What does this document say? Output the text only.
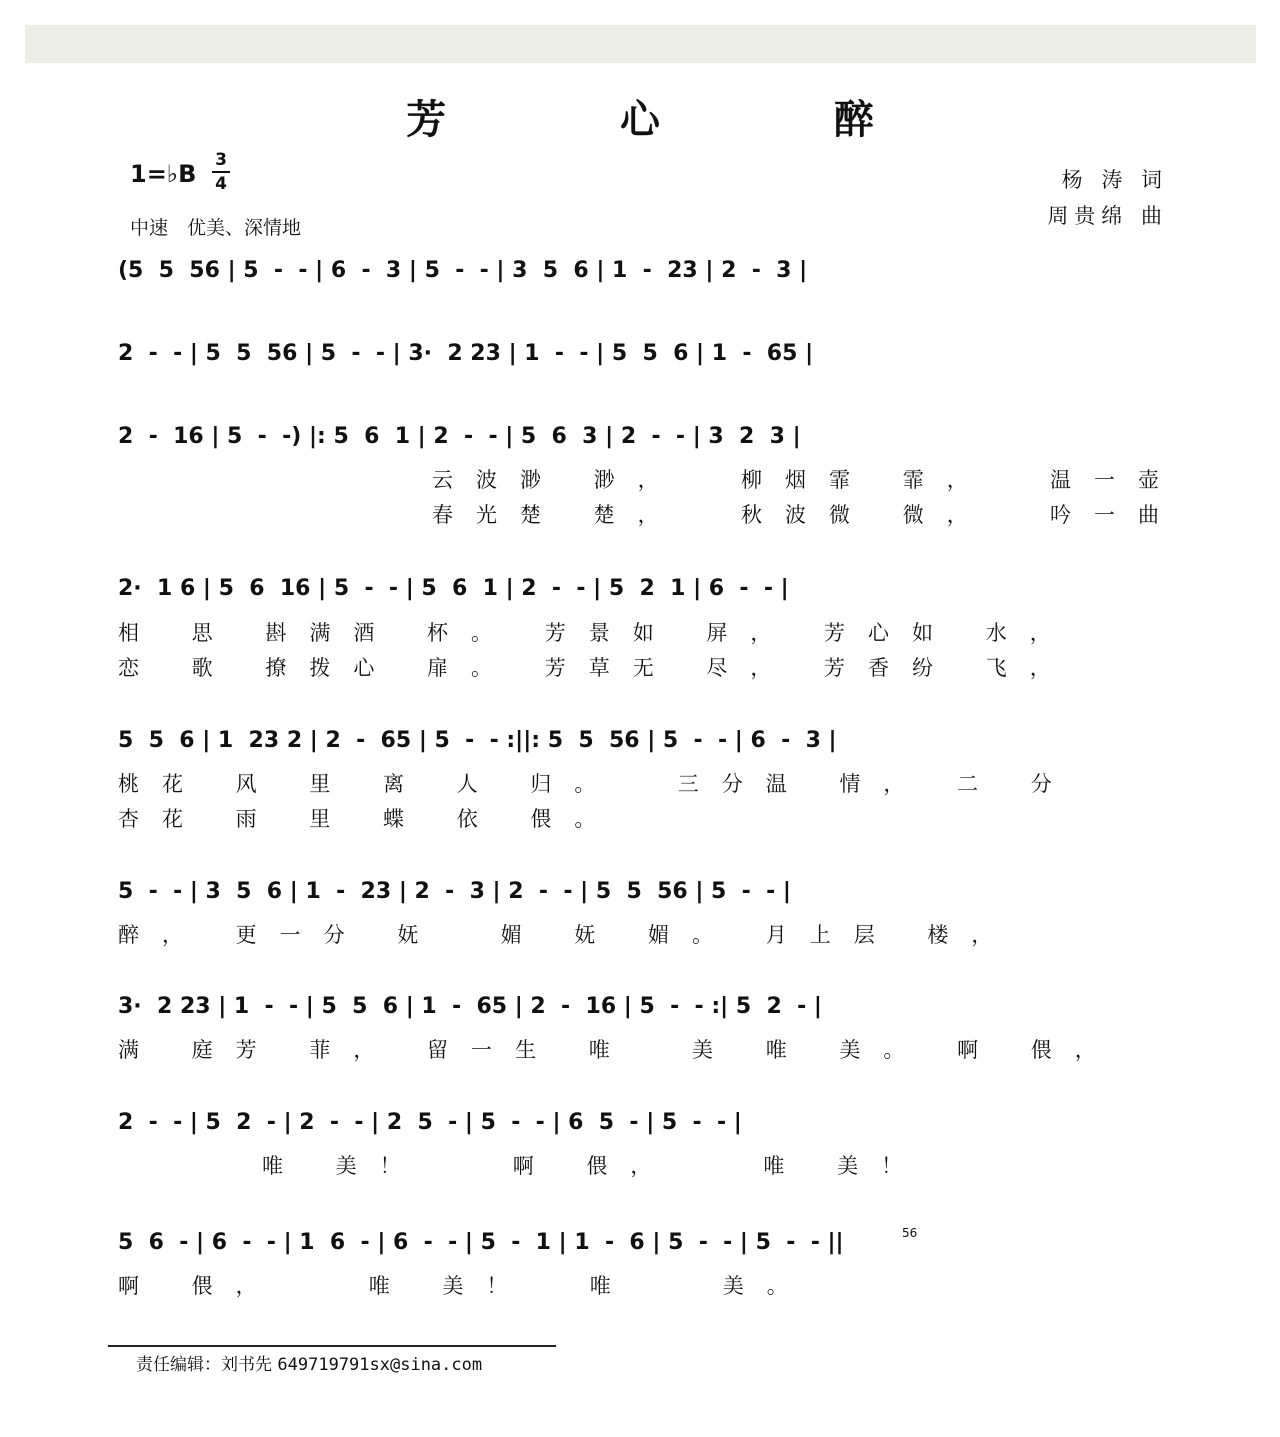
芳 心 醉
1=♭B 3
4
中速　优美、深情地
杨 涛 词
周贵绵 曲
(5  5  56 | 5  -  - | 6  -  3 | 5  -  - | 3  5  6 | 1  -  23 | 2  -  3 |
2  -  - | 5  5  56 | 5  -  - | 3·  2 23 | 1  -  - | 5  5  6 | 1  -  65 |
2  -  16 | 5  -  -) |: 5  6  1 | 2  -  - | 5  6  3 | 2  -  - | 3  2  3 |
云波渺 渺，  柳烟霏 霏，  温一壶
春光楚 楚，  秋波微 微，  吟一曲
2·  1 6 | 5  6  16 | 5  -  - | 5  6  1 | 2  -  - | 5  2  1 | 6  -  - |
相 思 斟满酒 杯。 芳景如 屏， 芳心如 水，
恋 歌 撩拨心 扉。 芳草无 尽， 芳香纷 飞，
5  5  6 | 1  23 2 | 2  -  65 | 5  -  - :||: 5  5  56 | 5  -  - | 6  -  3 |
桃花 风 里 离 人 归。  三分温 情， 二 分
杏花 雨 里 蝶 依 偎。
5  -  - | 3  5  6 | 1  -  23 | 2  -  3 | 2  -  - | 5  5  56 | 5  -  - |
醉， 更一分 妩  媚 妩 媚。 月上层 楼，
3·  2 23 | 1  -  - | 5  5  6 | 1  -  65 | 2  -  16 | 5  -  - :| 5  2  - |
满 庭芳 菲， 留一生 唯  美 唯 美。 啊 偎，
2  -  - | 5  2  - | 2  -  - | 2  5  - | 5  -  - | 6  5  - | 5  -  - |
唯 美！   啊 偎，   唯 美！
5  6  - | 6  -  - | 1  6  - | 6  -  - | 5  -  1 | 1  -  6 | 5  -  - | 5  -  - ||	56
啊 偎，   唯 美！  唯   美。
责任编辑：刘书先 649719791sx@sina.com
